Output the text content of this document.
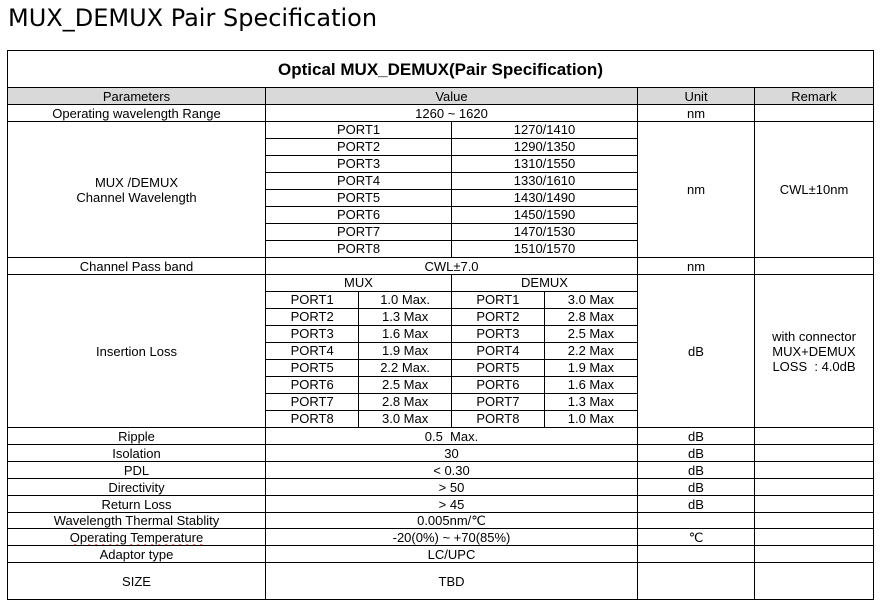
MUX_DEMUX Pair Specification
Optical MUX_DEMUX(Pair Specification)
Parameters	Value	Unit	Remark
Operating wavelength Range	1260 ~ 1620	nm	

MUX /DEMUX
Channel Wavelength

PORT1	1270/1410
PORT2	1290/1350
PORT3	1310/1550
PORT4	1330/1610
PORT5	1430/1490
PORT6	1450/1590
PORT7	1470/1530
PORT8	1510/1570
	nm	CWL±10nm
Channel Pass band	CWL±7.0	nm	
Insertion Loss	
MUX	DEMUX
PORT1	1.0 Max.	PORT1	3.0 Max
PORT2	1.3 Max	PORT2	2.8 Max
PORT3	1.6 Max	PORT3	2.5 Max
PORT4	1.9 Max	PORT4	2.2 Max
PORT5	2.2 Max.	PORT5	1.9 Max
PORT6	2.5 Max	PORT6	1.6 Max
PORT7	2.8 Max	PORT7	1.3 Max
PORT8	3.0 Max	PORT8	1.0 Max
	dB	
with connector
MUX+DEMUX
LOSS  : 4.0dB

Ripple	0.5  Max.	dB	
Isolation	30	dB	
PDL	< 0.30	dB	
Directivity	> 50	dB	
Return Loss	> 45	dB	
Wavelength Thermal Stablity	0.005nm/℃		
Operating Temperature	-20(0%) ~ +70(85%)	℃	
Adaptor type	LC/UPC		
SIZE	TBD		
